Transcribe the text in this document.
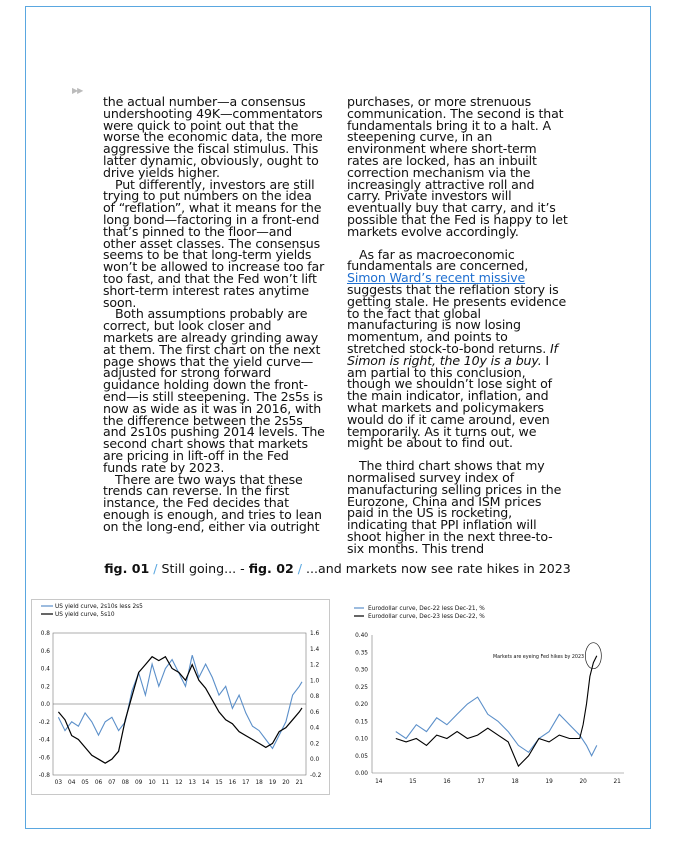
▶▶

the actual number—a consensus undershooting 49K—commentators were quick to point out that the worse the economic data, the more aggressive the fiscal stimulus. This latter dynamic, obviously, ought to drive yields higher.

Put differently, investors are still trying to put numbers on the idea of “reflation”, what it means for the long bond—factoring in a front-end that’s pinned to the floor—and other asset classes. The consensus seems to be that long-term yields won’t be allowed to increase too far too fast, and that the Fed won’t lift short-term interest rates anytime soon.

Both assumptions probably are correct, but look closer and markets are already grinding away at them. The first chart on the next page shows that the yield curve—adjusted for strong forward guidance holding down the front-end—is still steepening. The 2s5s is now as wide as it was in 2016, with the difference between the 2s5s and 2s10s pushing 2014 levels. The second chart shows that markets are pricing in lift-off in the Fed funds rate by 2023.

There are two ways that these trends can reverse. In the first instance, the Fed decides that enough is enough, and tries to lean on the long-end, either via outright

purchases, or more strenuous communication. The second is that fundamentals bring it to a halt. A steepening curve, in an environment where short-term rates are locked, has an inbuilt correction mechanism via the increasingly attractive roll and carry. Private investors will eventually buy that carry, and it’s possible that the Fed is happy to let markets evolve accordingly.

As far as macroeconomic fundamentals are concerned, Simon Ward’s recent missive suggests that the reflation story is getting stale. He presents evidence to the fact that global manufacturing is now losing momentum, and points to stretched stock-to-bond returns. If Simon is right, the 10y is a buy. I am partial to this conclusion, though we shouldn’t lose sight of the main indicator, inflation, and what markets and policymakers would do if it came around, even temporarily. As it turns out, we might be about to find out.

The third chart shows that my normalised survey index of manufacturing selling prices in the Eurozone, China and ISM prices paid in the US is rocketing, indicating that PPI inflation will shoot higher in the next three-to-six months. This trend

fig. 01 / Still going... - fig. 02 / ...and markets now see rate hikes in 2023
0.8
0.6
0.4
0.2
0.0
-0.2
-0.4
-0.6
-0.8
1.6
1.4
1.2
1.0
0.8
0.6
0.4
0.2
0.0
-0.2
03 04 05 06 07 08 09 10 11 12 13 14 15 16 17 18 19 20 21
US yield curve, 2s10s less 2s5
US yield curve, 5s10
0.40
0.35
0.30
0.25
0.20
0.15
0.10
0.05
0.00
14	15	16	17	18	19	20	21
Eurodollar curve, Dec-22 less Dec-21, %
Eurodollar curve, Dec-23 less Dec-22, %
Markets are eyeing Fed hikes by 2023
